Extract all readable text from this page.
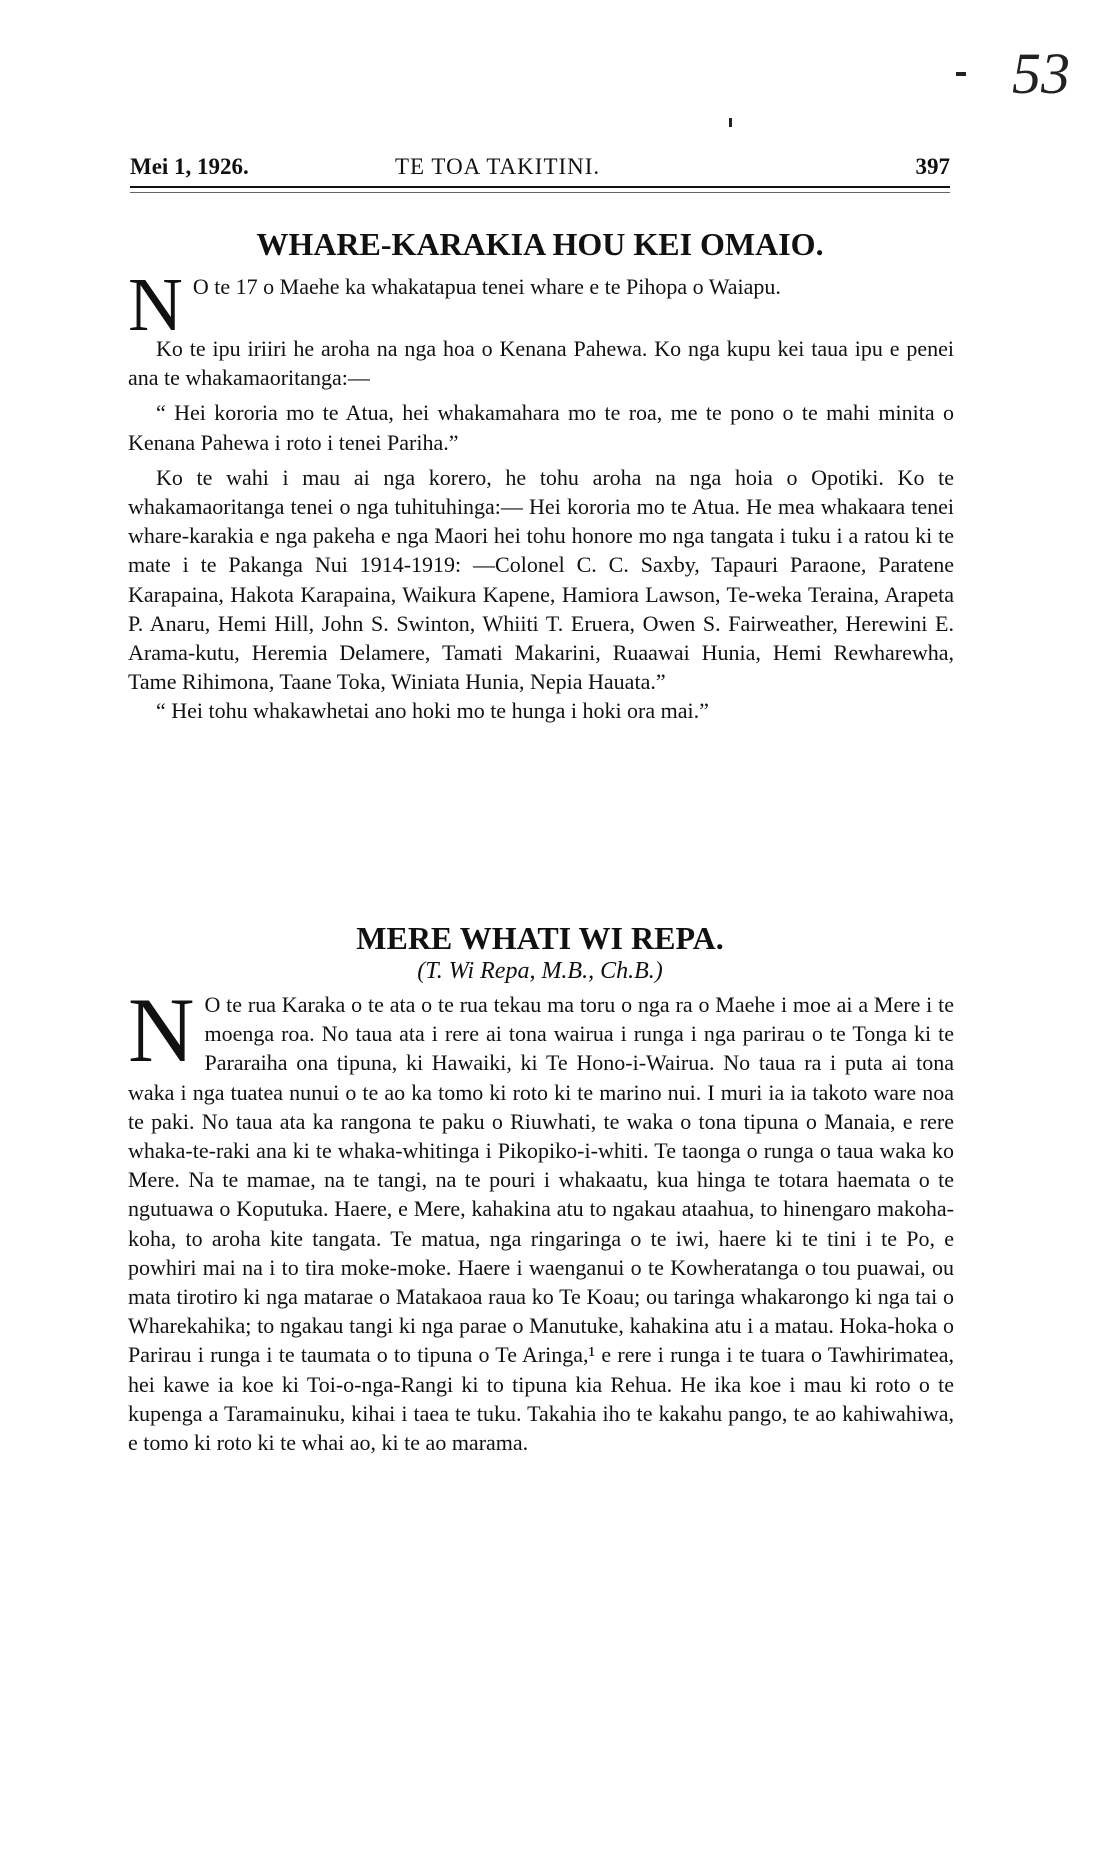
53
Mei 1, 1926.	TE TOA TAKITINI.	397
WHARE-KARAKIA HOU KEI OMAIO.

N O te 17 o Maehe ka whakatapua tenei whare e te Pihopa o Waiapu.

Ko te ipu iriiri he aroha na nga hoa o Kenana Pahewa. Ko nga kupu kei taua ipu e penei ana te whakamaoritanga:—

“ Hei kororia mo te Atua, hei whakamahara mo te roa, me te pono o te mahi minita o Kenana Pahewa i roto i tenei Pariha.”

Ko te wahi i mau ai nga korero, he tohu aroha na nga hoia o Opotiki. Ko te whakamaoritanga tenei o nga tuhituhinga:— Hei kororia mo te Atua. He mea whakaara tenei whare-karakia e nga pakeha e nga Maori hei tohu honore mo nga tangata i tuku i a ratou ki te mate i te Pakanga Nui 1914-1919: —Colonel C. C. Saxby, Tapauri Paraone, Paratene Karapaina, Hakota Karapaina, Waikura Kapene, Hamiora Lawson, Te-weka Teraina, Arapeta P. Anaru, Hemi Hill, John S. Swinton, Whiiti T. Eruera, Owen S. Fairweather, Herewini E. Arama-kutu, Heremia Delamere, Tamati Makarini, Ruaawai Hunia, Hemi Rewharewha, Tame Rihimona, Taane Toka, Winiata Hunia, Nepia Hauata.”

“ Hei tohu whakawhetai ano hoki mo te hunga i hoki ora mai.”

MERE WHATI WI REPA.
(T. Wi Repa, M.B., Ch.B.)

N O te rua Karaka o te ata o te rua tekau ma toru o nga ra o Maehe i moe ai a Mere i te moenga roa. No taua ata i rere ai tona wairua i runga i nga parirau o te Tonga ki te Pararaiha ona tipuna, ki Hawaiki, ki Te Hono-i-Wairua. No taua ra i puta ai tona waka i nga tuatea nunui o te ao ka tomo ki roto ki te marino nui. I muri ia ia takoto ware noa te paki. No taua ata ka rangona te paku o Riuwhati, te waka o tona tipuna o Manaia, e rere whaka-te-raki ana ki te whaka-whitinga i Pikopiko-i-whiti. Te taonga o runga o taua waka ko Mere. Na te mamae, na te tangi, na te pouri i whakaatu, kua hinga te totara haemata o te ngutuawa o Koputuka. Haere, e Mere, kahakina atu to ngakau ataahua, to hinengaro makoha-koha, to aroha kite tangata. Te matua, nga ringaringa o te iwi, haere ki te tini i te Po, e powhiri mai na i to tira moke-moke. Haere i waenganui o te Kowheratanga o tou puawai, ou mata tirotiro ki nga matarae o Matakaoa raua ko Te Koau; ou taringa whakarongo ki nga tai o Wharekahika; to ngakau tangi ki nga parae o Manutuke, kahakina atu i a matau. Hoka-hoka o Parirau i runga i te taumata o to tipuna o Te Aringa,¹ e rere i runga i te tuara o Tawhirimatea, hei kawe ia koe ki Toi-o-nga-Rangi ki to tipuna kia Rehua. He ika koe i mau ki roto o te kupenga a Taramainuku, kihai i taea te tuku. Takahia iho te kakahu pango, te ao kahiwahiwa, e tomo ki roto ki te whai ao, ki te ao marama.
